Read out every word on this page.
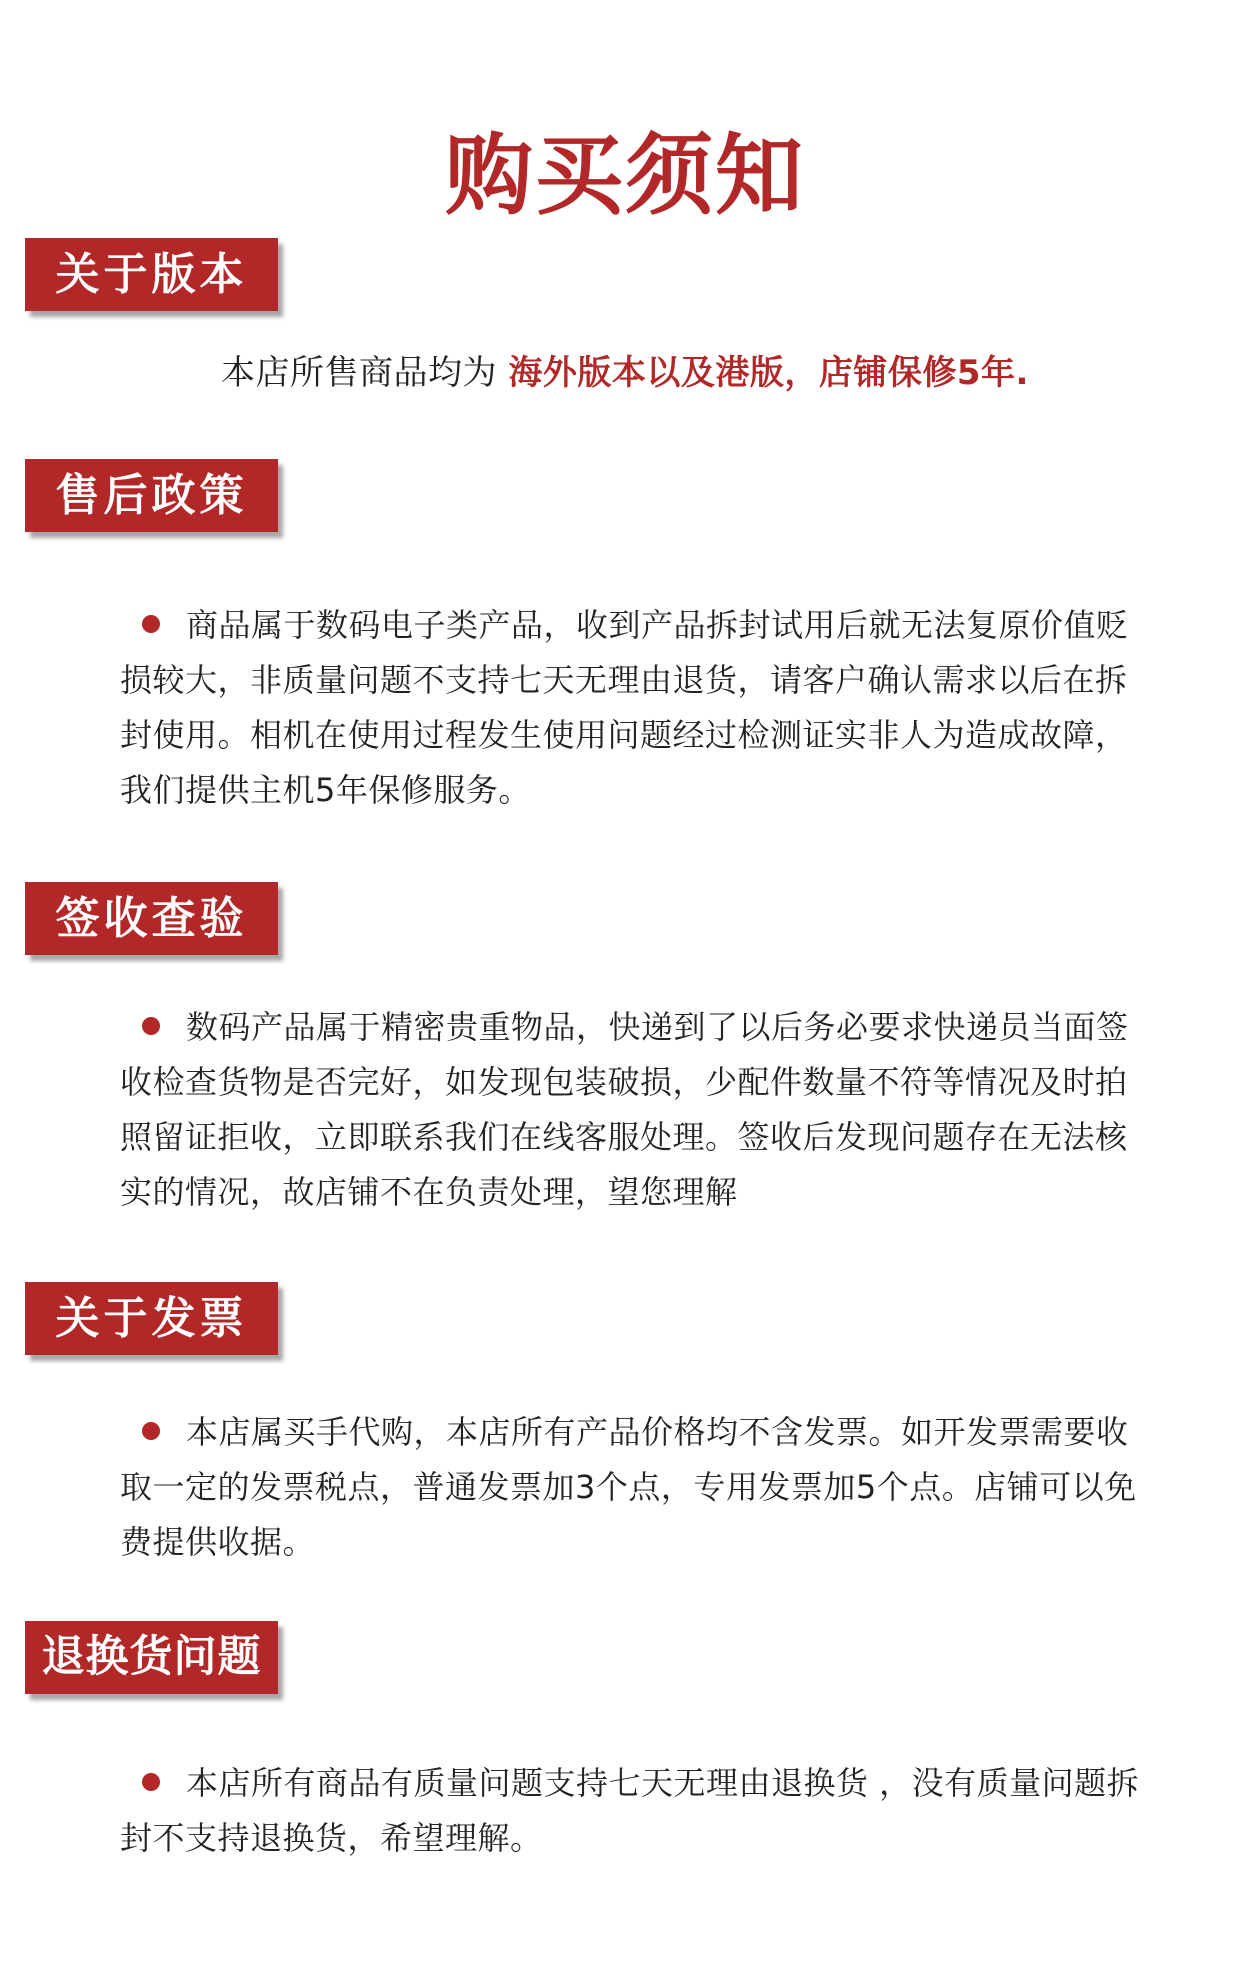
购买须知
关于版本
本店所售商品均为 海外版本以及港版，店铺保修5年.
售后政策

商品属于数码电子类产品，收到产品拆封试用后就无法复原价值贬损较大，非质量问题不支持七天无理由退货，请客户确认需求以后在拆封使用。相机在使用过程发生使用问题经过检测证实非人为造成故障，我们提供主机5年保修服务。

签收查验

数码产品属于精密贵重物品，快递到了以后务必要求快递员当面签收检查货物是否完好，如发现包装破损，少配件数量不符等情况及时拍照留证拒收，立即联系我们在线客服处理。签收后发现问题存在无法核实的情况，故店铺不在负责处理，望您理解

关于发票

本店属买手代购，本店所有产品价格均不含发票。如开发票需要收取一定的发票税点，普通发票加3个点，专用发票加5个点。店铺可以免费提供收据。

退换货问题

本店所有商品有质量问题支持七天无理由退换货 ，没有质量问题拆封不支持退换货，希望理解。
